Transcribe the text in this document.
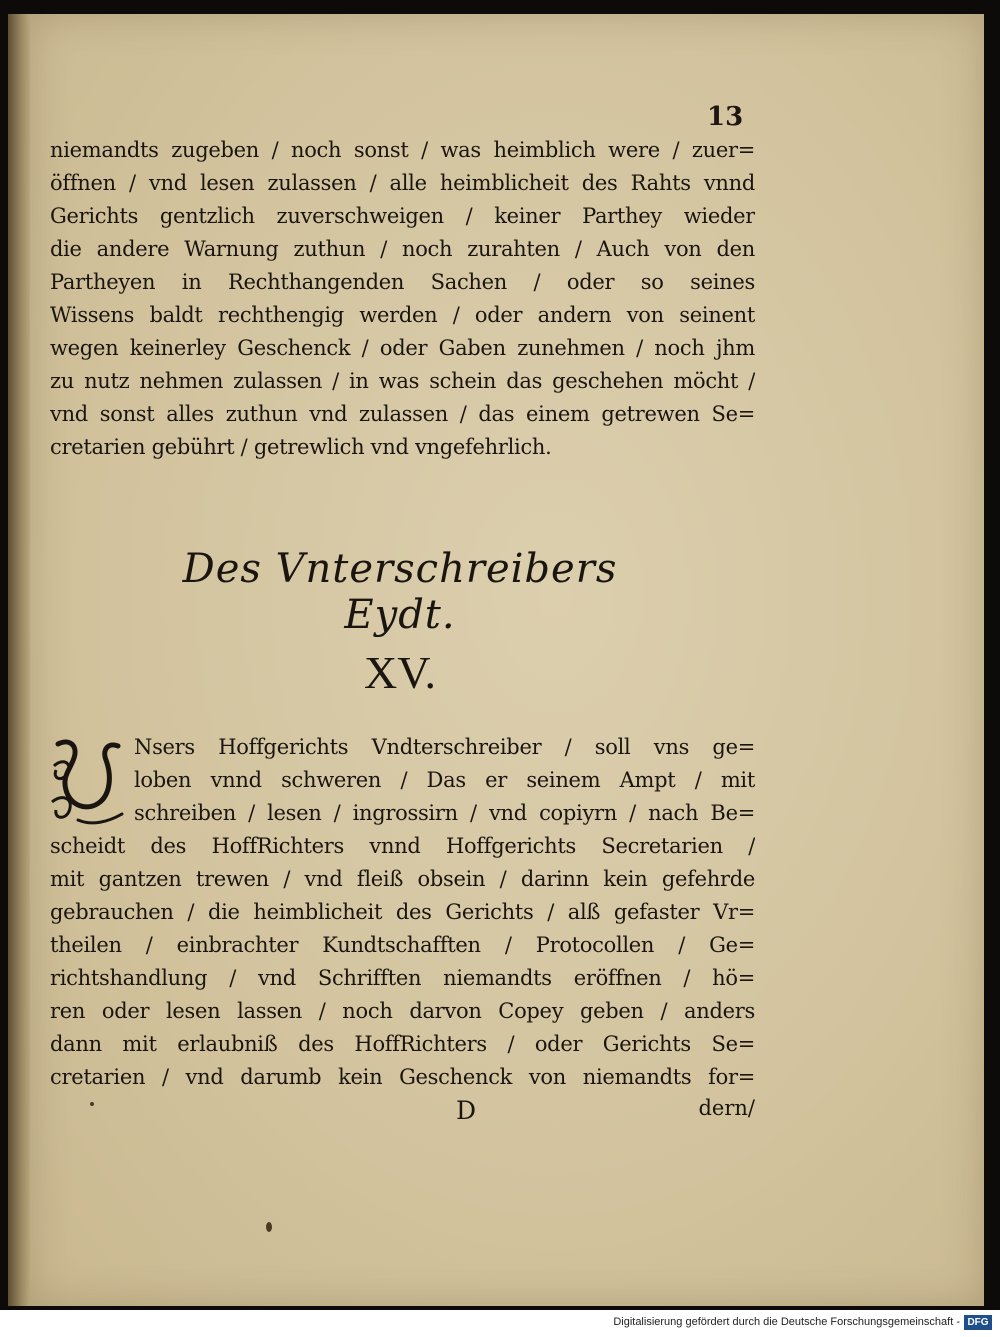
13
niemandts zugeben / noch sonst / was heimblich were / zuer=
öffnen / vnd lesen zulassen / alle heimblicheit des Rahts vnnd
Gerichts gentzlich zuverschweigen / keiner Parthey wieder
die andere Warnung zuthun / noch zurahten / Auch von den
Partheyen in Rechthangenden Sachen / oder so seines
Wissens baldt rechthengig werden / oder andern von seinent
wegen keinerley Geschenck / oder Gaben zunehmen / noch jhm
zu nutz nehmen zulassen / in was schein das geschehen möcht /
vnd sonst alles zuthun vnd zulassen / das einem getrewen Se=
cretarien gebührt / getrewlich vnd vngefehrlich.
Des Vnterschreibers Eydt.
XV.
Nsers Hoffgerichts Vndterschreiber / soll vns ge=
loben vnnd schweren / Das er seinem Ampt / mit
schreiben / lesen / ingrossirn / vnd copiyrn / nach Be=
scheidt des HoffRichters vnnd Hoffgerichts Secretarien /
mit gantzen trewen / vnd fleiß obsein / darinn kein gefehrde
gebrauchen / die heimblicheit des Gerichts / alß gefaster Vr=
theilen / einbrachter Kundtschafften / Protocollen / Ge=
richtshandlung / vnd Schrifften niemandts eröffnen / hö=
ren oder lesen lassen / noch darvon Copey geben / anders
dann mit erlaubniß des HoffRichters / oder Gerichts Se=
cretarien / vnd darumb kein Geschenck von niemandts for=
D	dern/
Digitalisierung gefördert durch die Deutsche Forschungsgemeinschaft - DFG
